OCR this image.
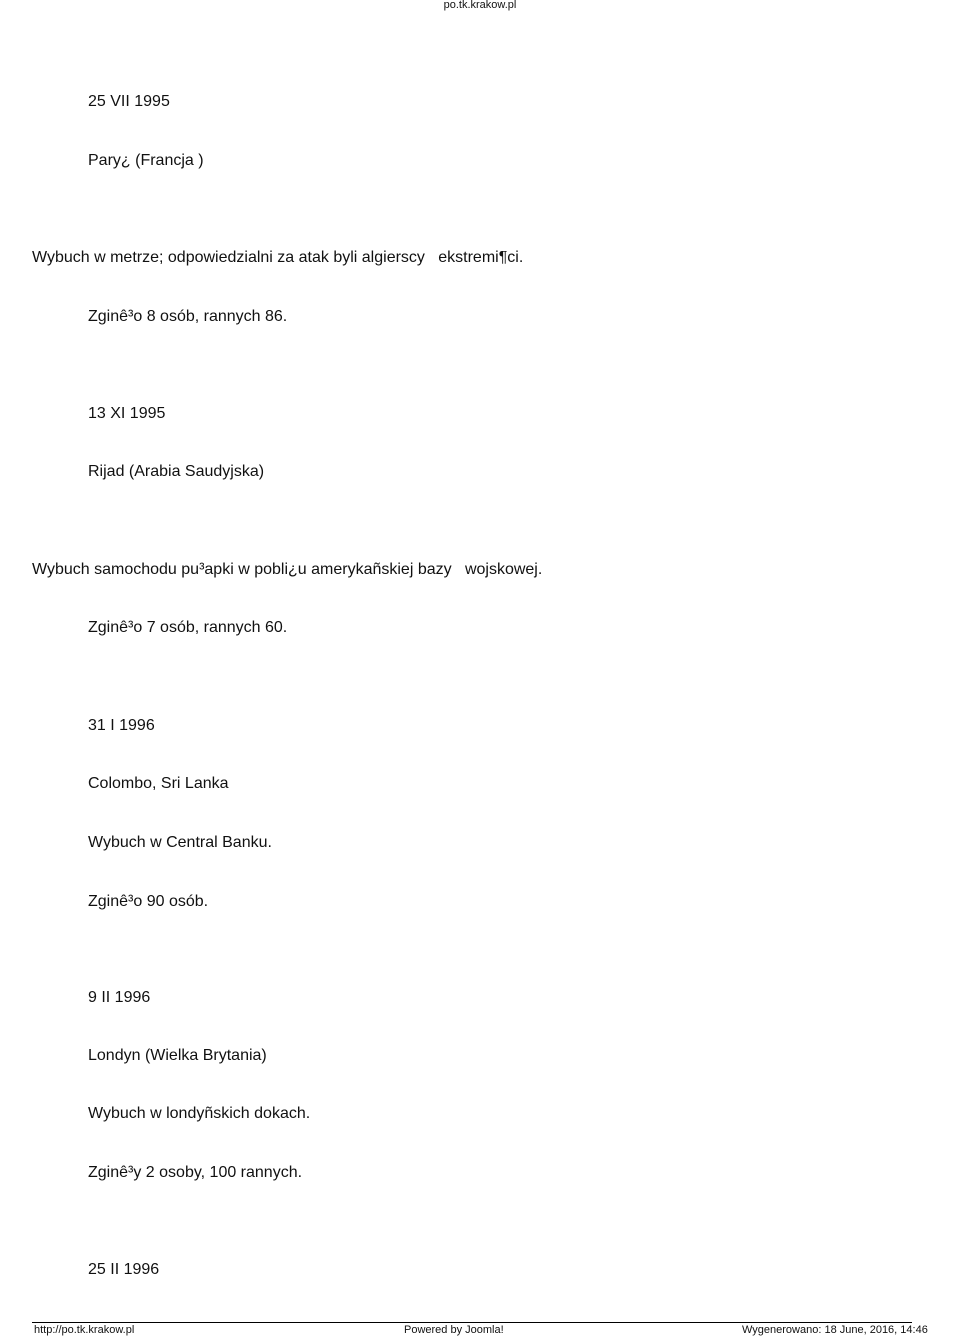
po.tk.krakow.pl
25 VII 1995
Pary¿ (Francja )
Wybuch w metrze; odpowiedzialni za atak byli algierscy   ekstremi¶ci.
Zginê³o 8 osób, rannych 86.
13 XI 1995
Rijad (Arabia Saudyjska)
Wybuch samochodu pu³apki w pobli¿u amerykañskiej bazy   wojskowej.
Zginê³o 7 osób, rannych 60.
31 I 1996
Colombo, Sri Lanka
Wybuch w Central Banku.
Zginê³o 90 osób.
9 II 1996
Londyn (Wielka Brytania)
Wybuch w londyñskich dokach.
Zginê³y 2 osoby, 100 rannych.
25 II 1996
http://po.tk.krakow.pl	Powered by Joomla!	Wygenerowano: 18 June, 2016, 14:46
